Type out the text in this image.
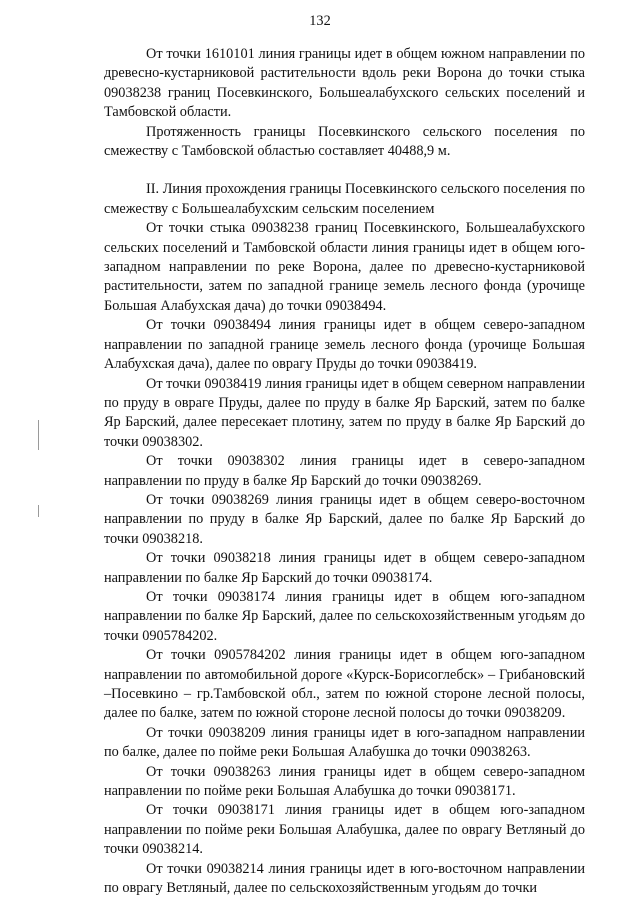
132

От точки 1610101 линия границы идет в общем южном направлении по древесно-кустарниковой растительности вдоль реки Ворона до точки стыка 09038238 границ Посевкинского, Большеалабухского сельских поселений и Тамбовской области.

Протяженность границы Посевкинского сельского поселения по смежеству с Тамбовской областью составляет 40488,9 м.

II. Линия прохождения границы Посевкинского сельского поселения по смежеству с Большеалабухским сельским поселением

От точки стыка 09038238 границ Посевкинского, Большеалабухского сельских поселений и Тамбовской области линия границы идет в общем юго-западном направлении по реке Ворона, далее по древесно-кустарниковой растительности, затем по западной границе земель лесного фонда (урочище Большая Алабухская дача) до точки 09038494.

От точки 09038494 линия границы идет в общем северо-западном направлении по западной границе земель лесного фонда (урочище Большая Алабухская дача), далее по оврагу Пруды до точки 09038419.

От точки 09038419 линия границы идет в общем северном направлении по пруду в овраге Пруды, далее по пруду в балке Яр Барский, затем по балке Яр Барский, далее пересекает плотину, затем по пруду в балке Яр Барский до точки 09038302.

От точки 09038302 линия границы идет в северо-западном направлении по пруду в балке Яр Барский до точки 09038269.

От точки 09038269 линия границы идет в общем северо-восточном направлении по пруду в балке Яр Барский, далее по балке Яр Барский до точки 09038218.

От точки 09038218 линия границы идет в общем северо-западном направлении по балке Яр Барский до точки 09038174.

От точки 09038174 линия границы идет в общем юго-западном направлении по балке Яр Барский, далее по сельскохозяйственным угодьям до точки 0905784202.

От точки 0905784202 линия границы идет в общем юго-западном направлении по автомобильной дороге «Курск-Борисоглебск» – Грибановский –Посевкино – гр.Тамбовской обл., затем по южной стороне лесной полосы, далее по балке, затем по южной стороне лесной полосы до точки 09038209.

От точки 09038209 линия границы идет в юго-западном направлении по балке, далее по пойме реки Большая Алабушка до точки 09038263.

От точки 09038263 линия границы идет в общем северо-западном направлении по пойме реки Большая Алабушка до точки 09038171.

От точки 09038171 линия границы идет в общем юго-западном направлении по пойме реки Большая Алабушка, далее по оврагу Ветляный до точки 09038214.

От точки 09038214 линия границы идет в юго-восточном направлении по оврагу Ветляный, далее по сельскохозяйственным угодьям до точки
